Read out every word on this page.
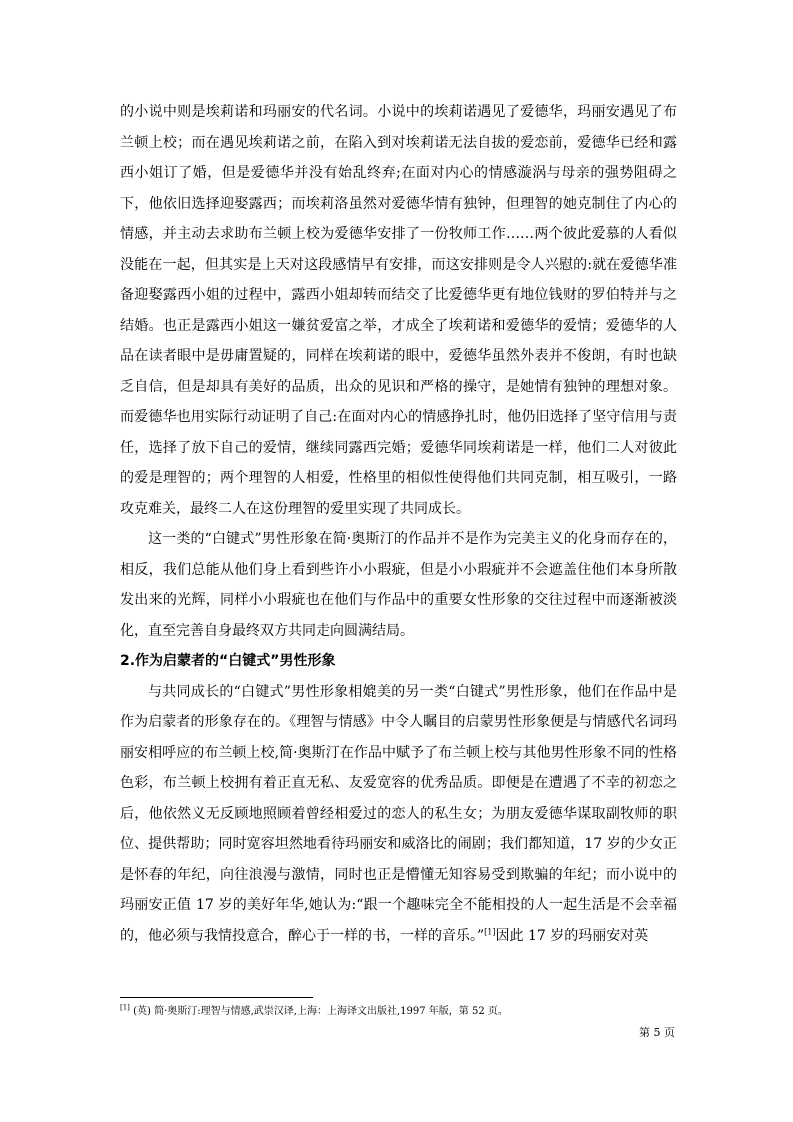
的小说中则是埃莉诺和玛丽安的代名词。小说中的埃莉诺遇见了爱德华，玛丽安遇见了布兰顿上校；而在遇见埃莉诺之前，在陷入到对埃莉诺无法自拔的爱恋前，爱德华已经和露西小姐订了婚，但是爱德华并没有始乱终弃;在面对内心的情感漩涡与母亲的强势阻碍之下，他依旧选择迎娶露西；而埃莉洛虽然对爱德华情有独钟，但理智的她克制住了内心的情感，并主动去求助布兰顿上校为爱德华安排了一份牧师工作……两个彼此爱慕的人看似没能在一起，但其实是上天对这段感情早有安排，而这安排则是令人兴慰的:就在爱德华准备迎娶露西小姐的过程中，露西小姐却转而结交了比爱德华更有地位钱财的罗伯特并与之结婚。也正是露西小姐这一嫌贫爱富之举，才成全了埃莉诺和爱德华的爱情；爱德华的人品在读者眼中是毋庸置疑的，同样在埃莉诺的眼中，爱德华虽然外表并不俊朗，有时也缺乏自信，但是却具有美好的品质，出众的见识和严格的操守，是她情有独钟的理想对象。而爱德华也用实际行动证明了自己:在面对内心的情感挣扎时，他仍旧选择了坚守信用与责任，选择了放下自己的爱情，继续同露西完婚；爱德华同埃莉诺是一样，他们二人对彼此的爱是理智的；两个理智的人相爱，性格里的相似性使得他们共同克制，相互吸引，一路攻克难关，最终二人在这份理智的爱里实现了共同成长。

这一类的“白键式”男性形象在简·奥斯汀的作品并不是作为完美主义的化身而存在的，相反，我们总能从他们身上看到些许小小瑕疵，但是小小瑕疵并不会遮盖住他们本身所散发出来的光辉，同样小小瑕疵也在他们与作品中的重要女性形象的交往过程中而逐渐被淡化，直至完善自身最终双方共同走向圆满结局。

2.作为启蒙者的“白键式”男性形象

与共同成长的“白键式”男性形象相媲美的另一类“白键式”男性形象，他们在作品中是作为启蒙者的形象存在的。《理智与情感》中令人瞩目的启蒙男性形象便是与情感代名词玛丽安相呼应的布兰顿上校,简·奥斯汀在作品中赋予了布兰顿上校与其他男性形象不同的性格色彩，布兰顿上校拥有着正直无私、友爱宽容的优秀品质。即便是在遭遇了不幸的初恋之后，他依然义无反顾地照顾着曾经相爱过的恋人的私生女；为朋友爱德华谋取副牧师的职位、提供帮助；同时宽容坦然地看待玛丽安和威洛比的闹剧；我们都知道，17 岁的少女正是怀春的年纪，向往浪漫与激情，同时也正是懵懂无知容易受到欺骗的年纪；而小说中的玛丽安正值 17 岁的美好年华,她认为:“跟一个趣味完全不能相投的人一起生活是不会幸福的，他必须与我情投意合，醉心于一样的书，一样的音乐。”[1]因此 17 岁的玛丽安对英

[1] (英) 简·奥斯汀:理智与情感,武崇汉译,上海：上海译文出版社,1997 年版，第 52 页。
第 5 页
